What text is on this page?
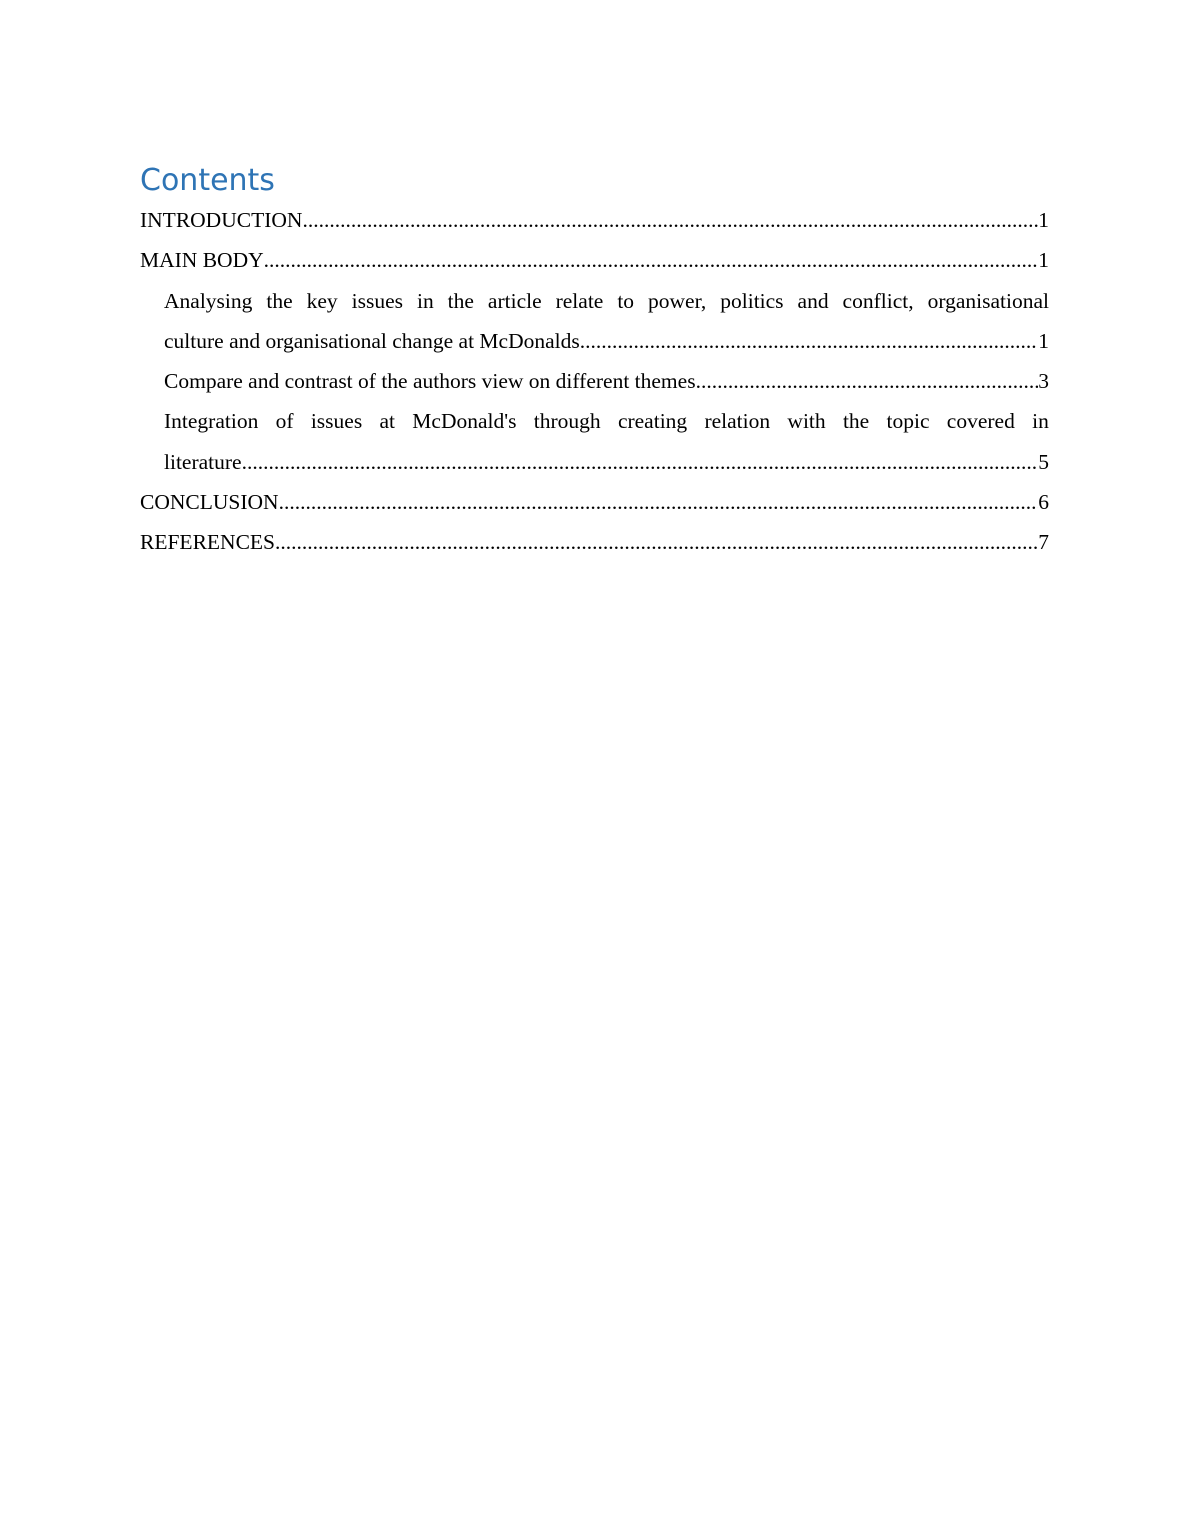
Contents
INTRODUCTION .....	1
MAIN BODY .....	1
Analysing the key issues in the article relate to power, politics and conflict, organisational
culture and organisational change at McDonalds .....	1
Compare and contrast of the authors view on different themes .....	3
Integration of issues at McDonald's through creating relation with the topic covered in
literature .....	5
CONCLUSION .....	6
REFERENCES .....	7
